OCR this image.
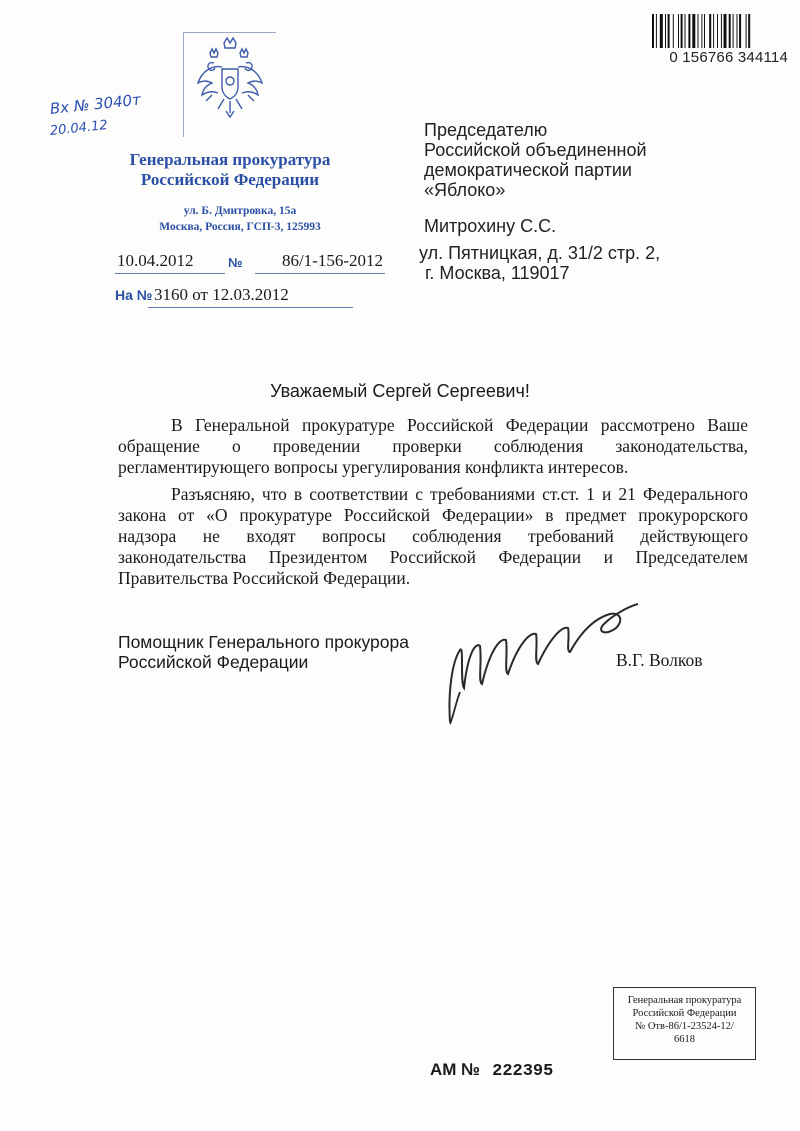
0 156766 344114
Вх № 3040т
20.04.12
Генеральная прокуратура
Российской Федерации
ул. Б. Дмитровка, 15а
Москва, Россия, ГСП-3, 125993
10.04.2012	№ 86/1-156-2012
На № 3160 от 12.03.2012
Председателю
Российской объединенной
демократической партии
«Яблоко»
Митрохину С.С.
ул. Пятницкая, д. 31/2 стр. 2,
г. Москва, 119017
Уважаемый Сергей Сергеевич!

В Генеральной прокуратуре Российской Федерации рассмотрено Ваше обращение о проведении проверки соблюдения законодательства, регламентирующего вопросы урегулирования конфликта интересов.

Разъясняю, что в соответствии с требованиями ст.ст. 1 и 21 Федерального закона от «О прокуратуре Российской Федерации» в предмет прокурорского надзора не входят вопросы соблюдения требований действующего законодательства Президентом Российской Федерации и Председателем Правительства Российской Федерации.

Помощник Генерального прокурора
Российской Федерации	В.Г. Волков
Генеральная прокуратура
Российской Федерации
№ Отв-86/1-23524-12/
6618
АМ № 222395
